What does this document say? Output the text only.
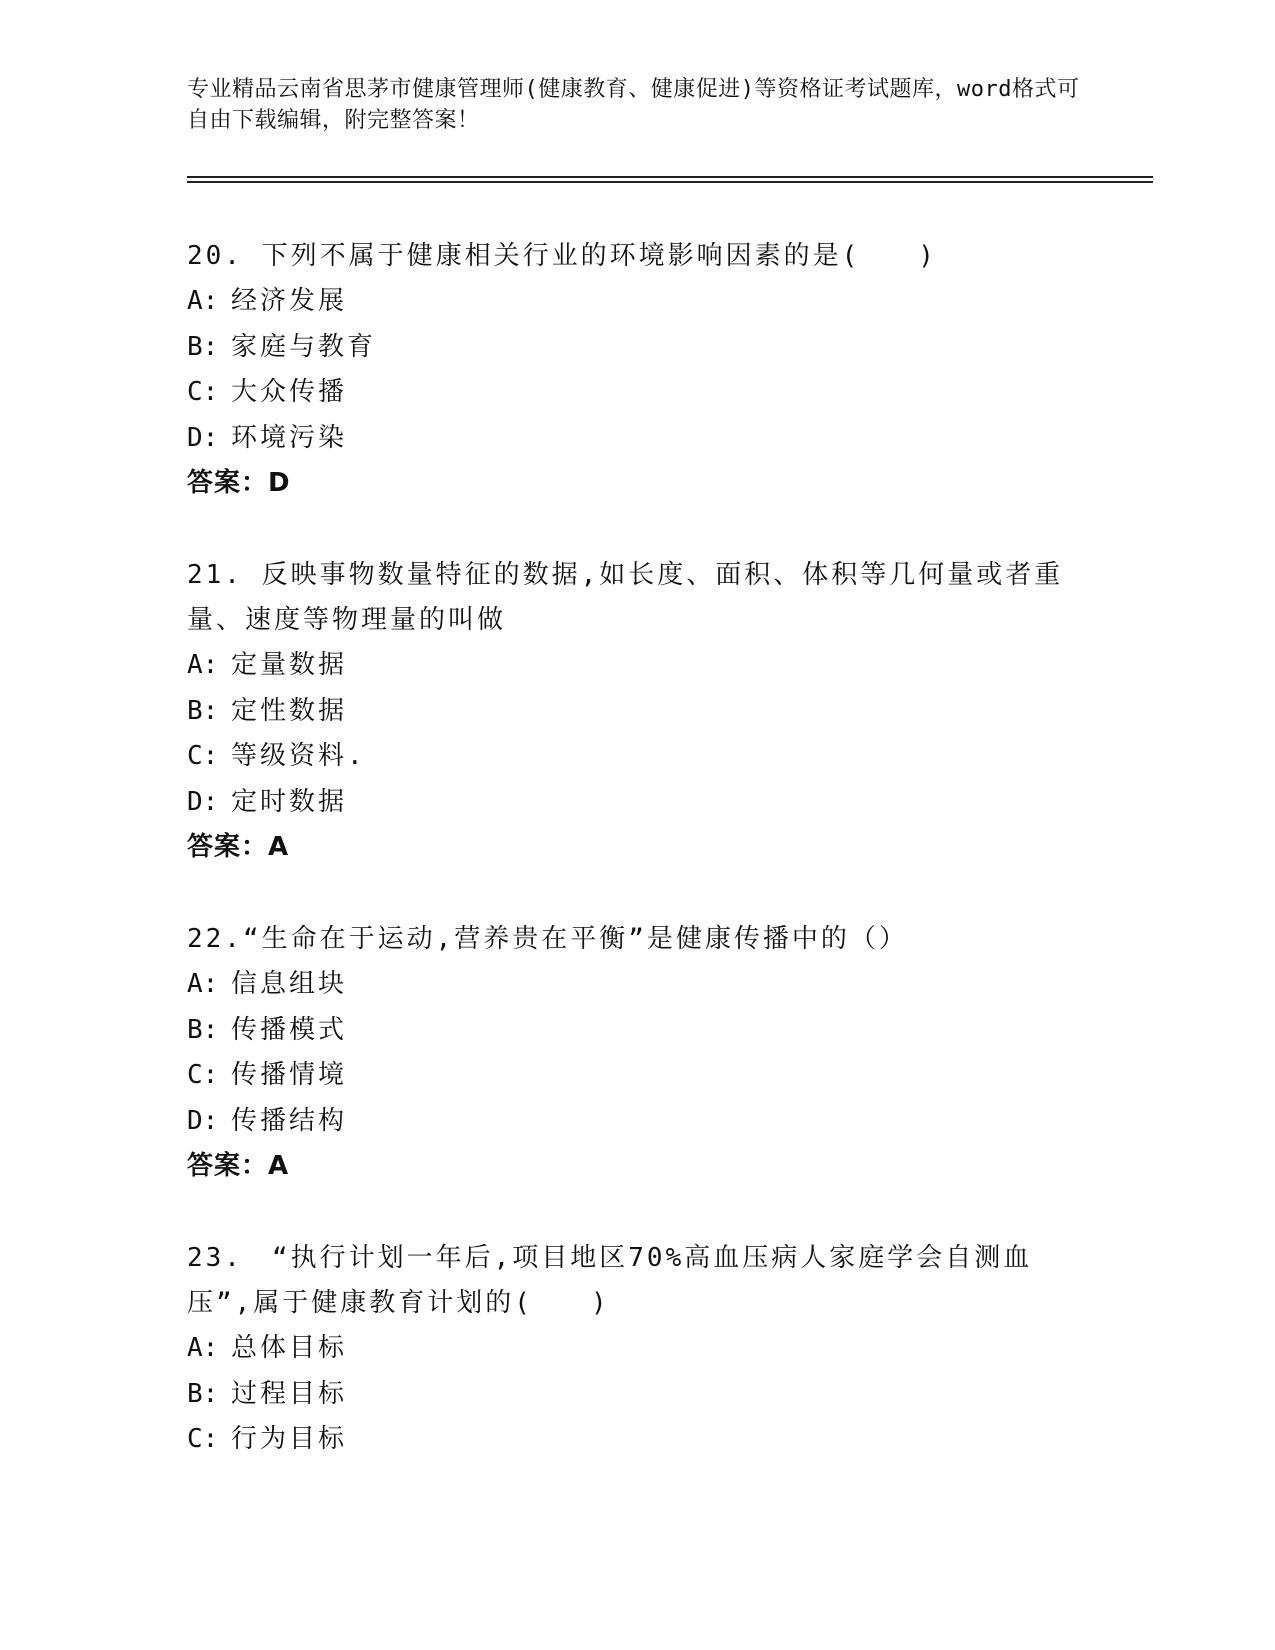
专业精品云南省思茅市健康管理师(健康教育、健康促进)等资格证考试题库，word格式可自由下载编辑，附完整答案！

20. 下列不属于健康相关行业的环境影响因素的是(　　)

A: 经济发展

B: 家庭与教育

C: 大众传播

D: 环境污染

答案：D

21. 反映事物数量特征的数据,如长度、面积、体积等几何量或者重量、速度等物理量的叫做

A: 定量数据

B: 定性数据

C: 等级资料.

D: 定时数据

答案：A

22.“生命在于运动,营养贵在平衡”是健康传播中的（）

A: 信息组块

B: 传播模式

C: 传播情境

D: 传播结构

答案：A

23.　“执行计划一年后,项目地区70%高血压病人家庭学会自测血压”,属于健康教育计划的(　　)

A: 总体目标

B: 过程目标

C: 行为目标
